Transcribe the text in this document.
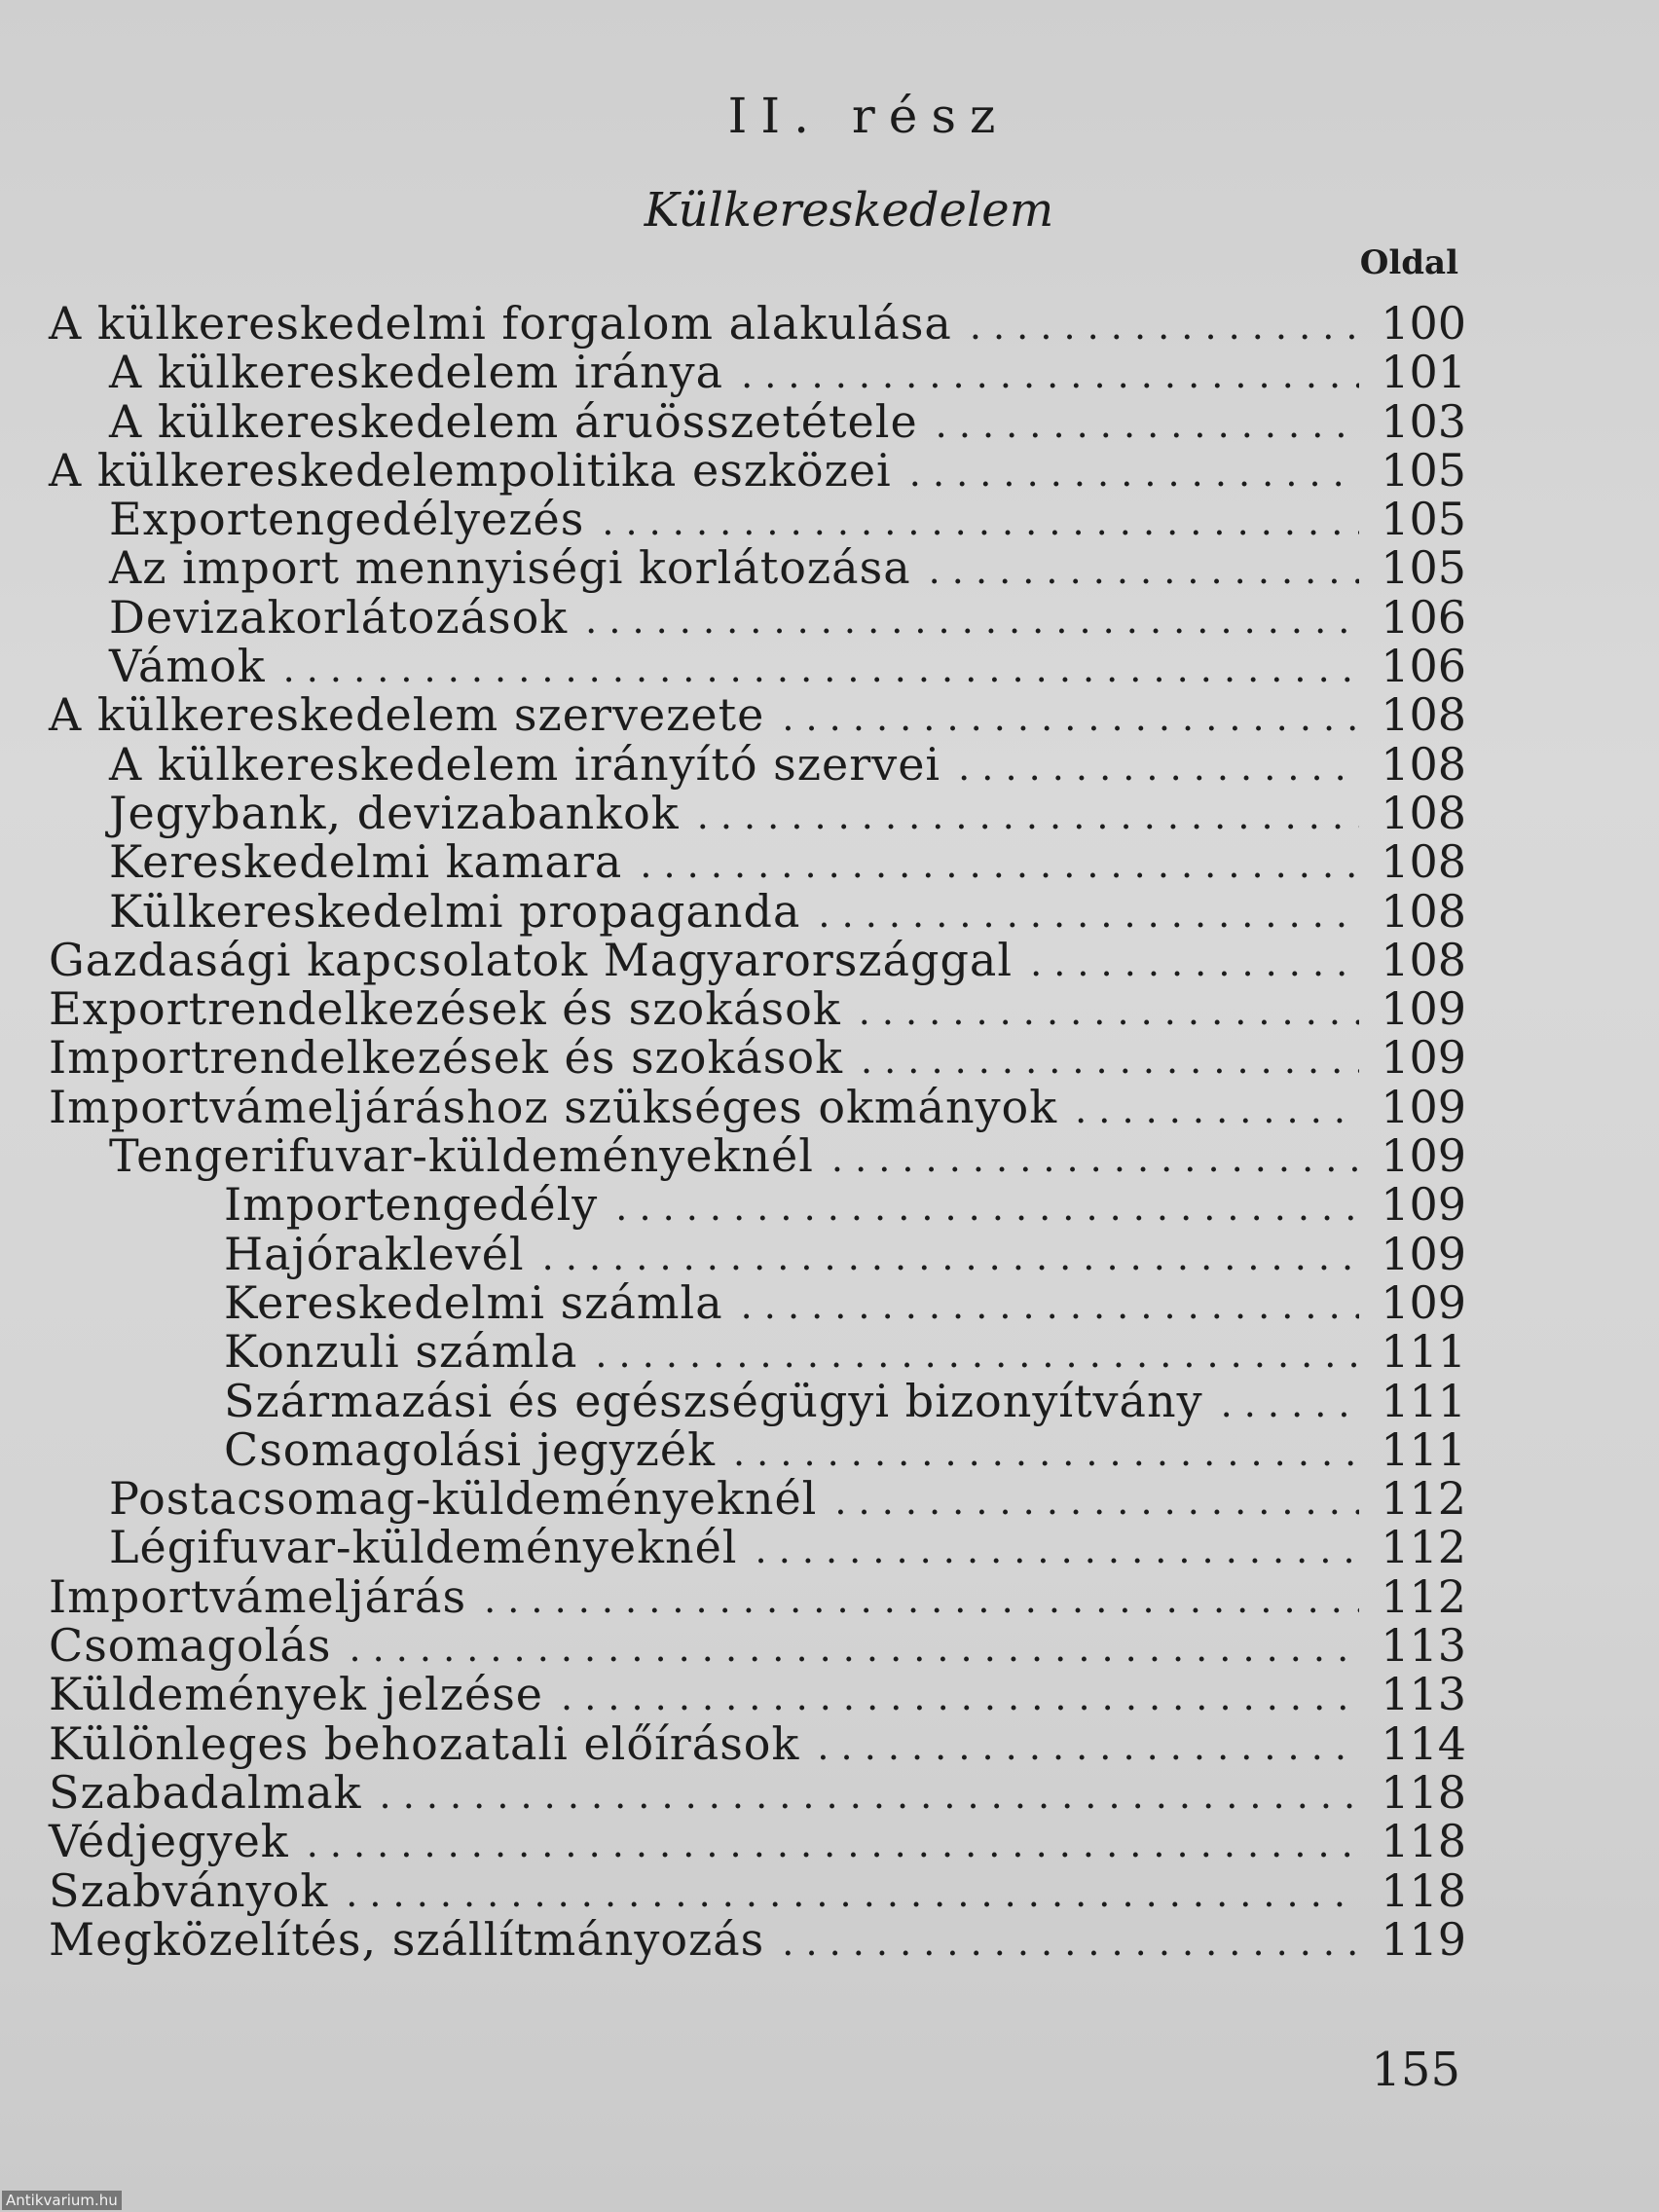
II. rész
Külkereskedelem
Oldal
A külkereskedelmi forgalom alakulása . . .	100
A külkereskedelem iránya . . .	101
A külkereskedelem áruösszetétele . . .	103
A külkereskedelempolitika eszközei . . .	105
Exportengedélyezés . . .	105
Az import mennyiségi korlátozása . . .	105
Devizakorlátozások . . .	106
Vámok . . .	106
A külkereskedelem szervezete . . .	108
A külkereskedelem irányító szervei . . .	108
Jegybank, devizabankok . . .	108
Kereskedelmi kamara . . .	108
Külkereskedelmi propaganda . . .	108
Gazdasági kapcsolatok Magyarországgal . . .	108
Exportrendelkezések és szokások . . .	109
Importrendelkezések és szokások . . .	109
Importvámeljáráshoz szükséges okmányok . . .	109
Tengerifuvar-küldeményeknél . . .	109
Importengedély . . .	109
Hajóraklevél . . .	109
Kereskedelmi számla . . .	109
Konzuli számla . . .	111
Származási és egészségügyi bizonyítvány . . .	111
Csomagolási jegyzék . . .	111
Postacsomag-küldeményeknél . . .	112
Légifuvar-küldeményeknél . . .	112
Importvámeljárás . . .	112
Csomagolás . . .	113
Küldemények jelzése . . .	113
Különleges behozatali előírások . . .	114
Szabadalmak . . .	118
Védjegyek . . .	118
Szabványok . . .	118
Megközelítés, szállítmányozás . . .	119
155
Antikvarium.hu
